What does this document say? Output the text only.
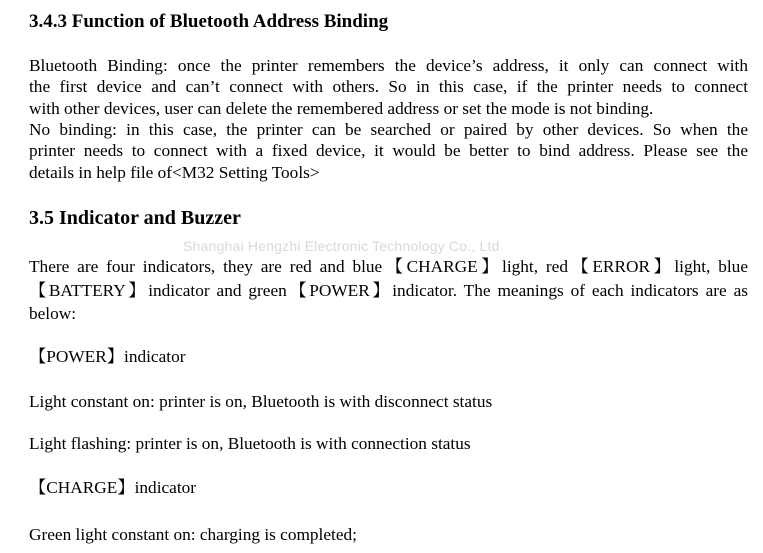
3.4.3 Function of Bluetooth Address Binding
Bluetooth Binding: once the printer remembers the device’s address, it only can connect with
the first device and can’t connect with others. So in this case, if the printer needs to connect
with other devices, user can delete the remembered address or set the mode is not binding.
No binding: in this case, the printer can be searched or paired by other devices. So when the
printer needs to connect with a fixed device, it would be better to bind address. Please see the
details in help file of<M32 Setting Tools>
3.5 Indicator and Buzzer
There are four indicators, they are red and blue【CHARGE】light, red【ERROR】light, blue
【BATTERY】indicator and green【POWER】indicator. The meanings of each indicators are as
below:
【POWER】indicator
Light constant on: printer is on, Bluetooth is with disconnect status
Light flashing: printer is on, Bluetooth is with connection status
【CHARGE】indicator
Green light constant on: charging is completed;
Shanghai Hengzhi Electronic Technology Co., Ltd
